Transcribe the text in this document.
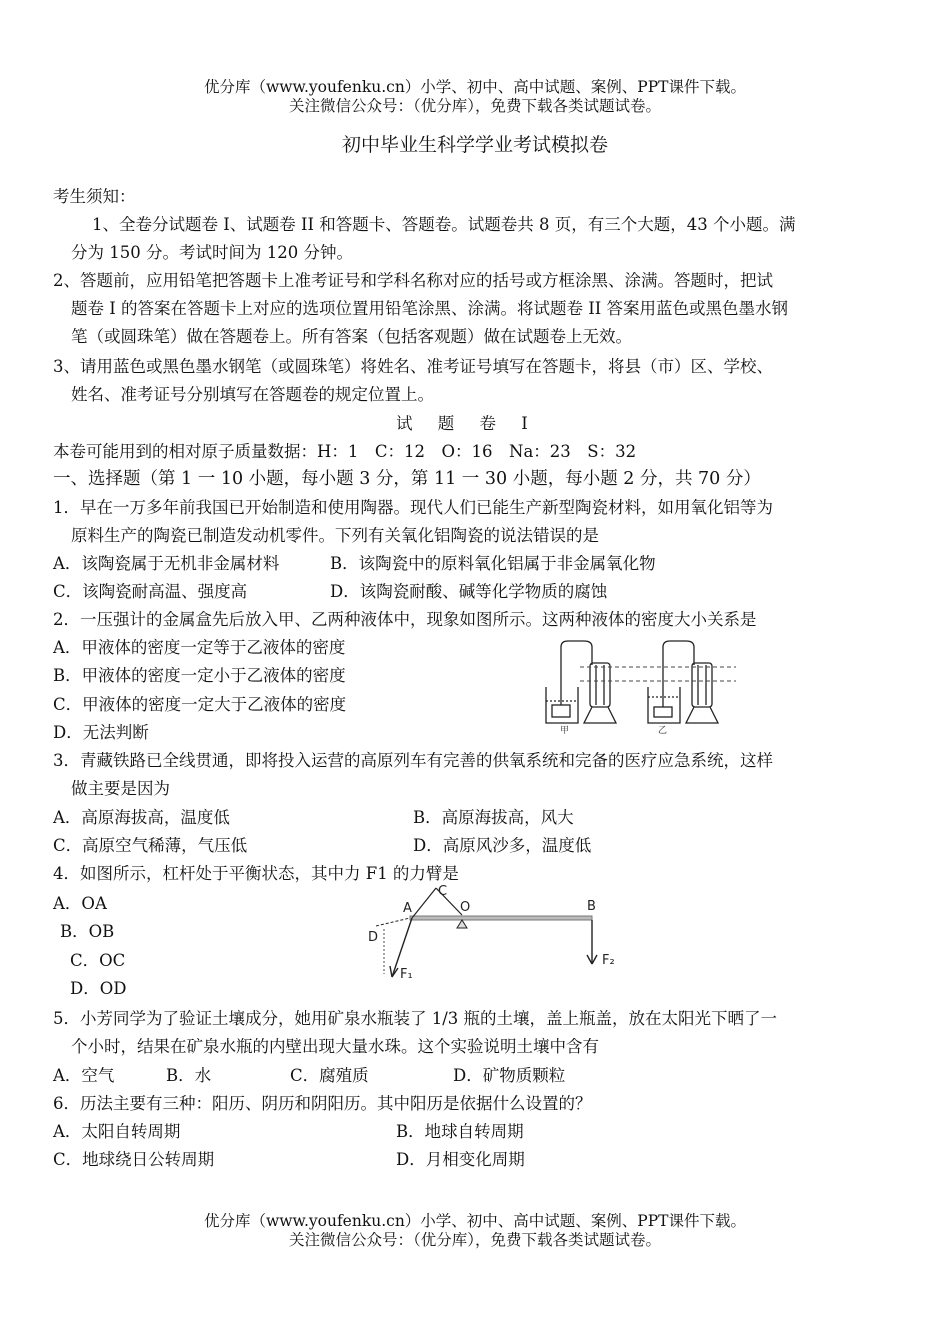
优分库（www.youfenku.cn）小学、初中、高中试题、案例、PPT课件下载。
关注微信公众号：（优分库），免费下载各类试题试卷。
初中毕业生科学学业考试模拟卷
考生须知：
1、全卷分试题卷 I、试题卷 II 和答题卡、答题卷。试题卷共 8 页，有三个大题，43 个小题。满
分为 150 分。考试时间为 120 分钟。
2、答题前，应用铅笔把答题卡上准考证号和学科名称对应的括号或方框涂黑、涂满。答题时，把试
题卷 I 的答案在答题卡上对应的选项位置用铅笔涂黑、涂满。将试题卷 II 答案用蓝色或黑色墨水钢
笔（或圆珠笔）做在答题卷上。所有答案（包括客观题）做在试题卷上无效。
3、请用蓝色或黑色墨水钢笔（或圆珠笔）将姓名、准考证号填写在答题卡，将县（市）区、学校、
姓名、准考证号分别填写在答题卷的规定位置上。
试 题 卷 I
本卷可能用到的相对原子质量数据：H：1　C：12　O：16　Na：23　S：32
一、选择题（第 1 一 10 小题，每小题 3 分，第 11 一 30 小题，每小题 2 分，共 70 分）
1．早在一万多年前我国已开始制造和使用陶器。现代人们已能生产新型陶瓷材料，如用氧化铝等为
原料生产的陶瓷已制造发动机零件。下列有关氧化铝陶瓷的说法错误的是
A．该陶瓷属于无机非金属材料	B．该陶瓷中的原料氧化铝属于非金属氧化物
C．该陶瓷耐高温、强度高	D．该陶瓷耐酸、碱等化学物质的腐蚀
2．一压强计的金属盒先后放入甲、乙两种液体中，现象如图所示。这两种液体的密度大小关系是
A．甲液体的密度一定等于乙液体的密度
B．甲液体的密度一定小于乙液体的密度
C．甲液体的密度一定大于乙液体的密度
D．无法判断	甲	乙
3．青藏铁路已全线贯通，即将投入运营的高原列车有完善的供氧系统和完备的医疗应急系统，这样
做主要是因为
A．高原海拔高，温度低	B．高原海拔高，风大
C．高原空气稀薄，气压低	D．高原风沙多，温度低
4．如图所示，杠杆处于平衡状态，其中力 F1 的力臂是
A．OA
B．OB
C．OC
D．OD
A
C
O	B
D
F₁
F₂
5．小芳同学为了验证土壤成分，她用矿泉水瓶装了 1/3 瓶的土壤，盖上瓶盖，放在太阳光下晒了一
个小时，结果在矿泉水瓶的内壁出现大量水珠。这个实验说明土壤中含有
A．空气	B．水	C．腐殖质	D．矿物质颗粒
6．历法主要有三种：阳历、阴历和阴阳历。其中阳历是依据什么设置的？
A．太阳自转周期	B．地球自转周期
C．地球绕日公转周期	D．月相变化周期
优分库（www.youfenku.cn）小学、初中、高中试题、案例、PPT课件下载。
关注微信公众号：（优分库），免费下载各类试题试卷。
